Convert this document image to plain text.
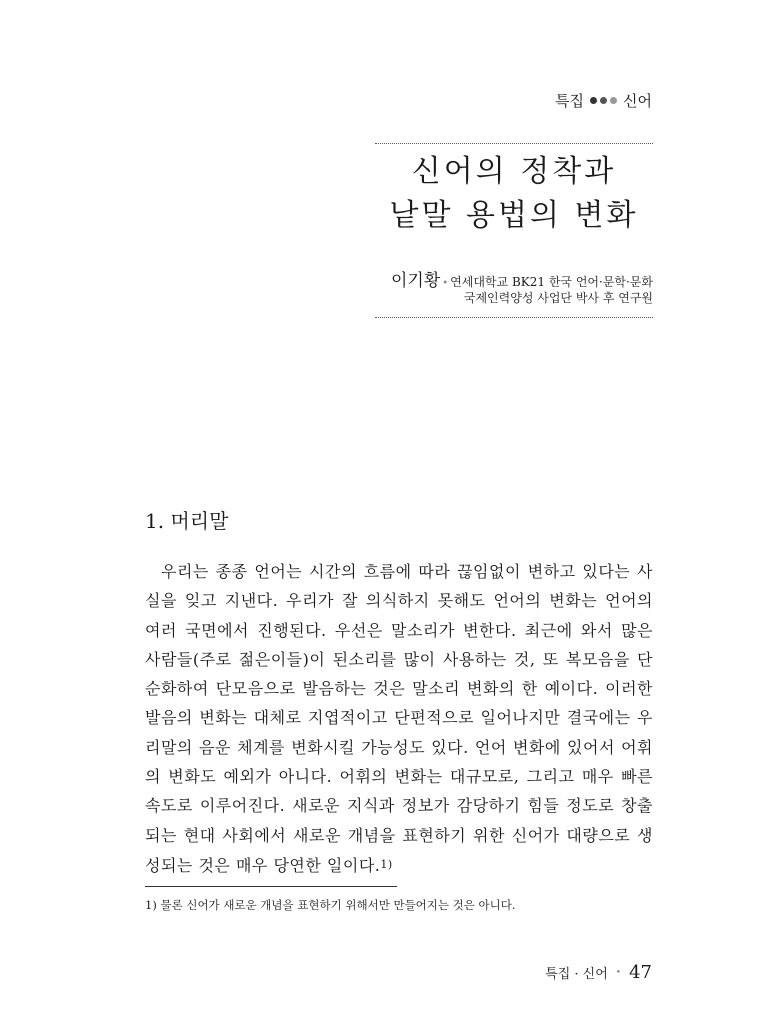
특집	신어
신어의 정착과
낱말 용법의 변화
이기황 • 연세대학교 BK21 한국 언어·문학·문화
국제인력양성 사업단 박사 후 연구원
1. 머리말

우리는 종종 언어는 시간의 흐름에 따라 끊임없이 변하고 있다는 사실을 잊고 지낸다. 우리가 잘 의식하지 못해도 언어의 변화는 언어의 여러 국면에서 진행된다. 우선은 말소리가 변한다. 최근에 와서 많은 사람들(주로 젊은이들)이 된소리를 많이 사용하는 것, 또 복모음을 단순화하여 단모음으로 발음하는 것은 말소리 변화의 한 예이다. 이러한 발음의 변화는 대체로 지엽적이고 단편적으로 일어나지만 결국에는 우리말의 음운 체계를 변화시킬 가능성도 있다. 언어 변화에 있어서 어휘의 변화도 예외가 아니다. 어휘의 변화는 대규모로, 그리고 매우 빠른 속도로 이루어진다. 새로운 지식과 정보가 감당하기 힘들 정도로 창출되는 현대 사회에서 새로운 개념을 표현하기 위한 신어가 대량으로 생성되는 것은 매우 당연한 일이다.$^{1)}$

1) 물론 신어가 새로운 개념을 표현하기 위해서만 만들어지는 것은 아니다.

특집 · 신어 • 47
